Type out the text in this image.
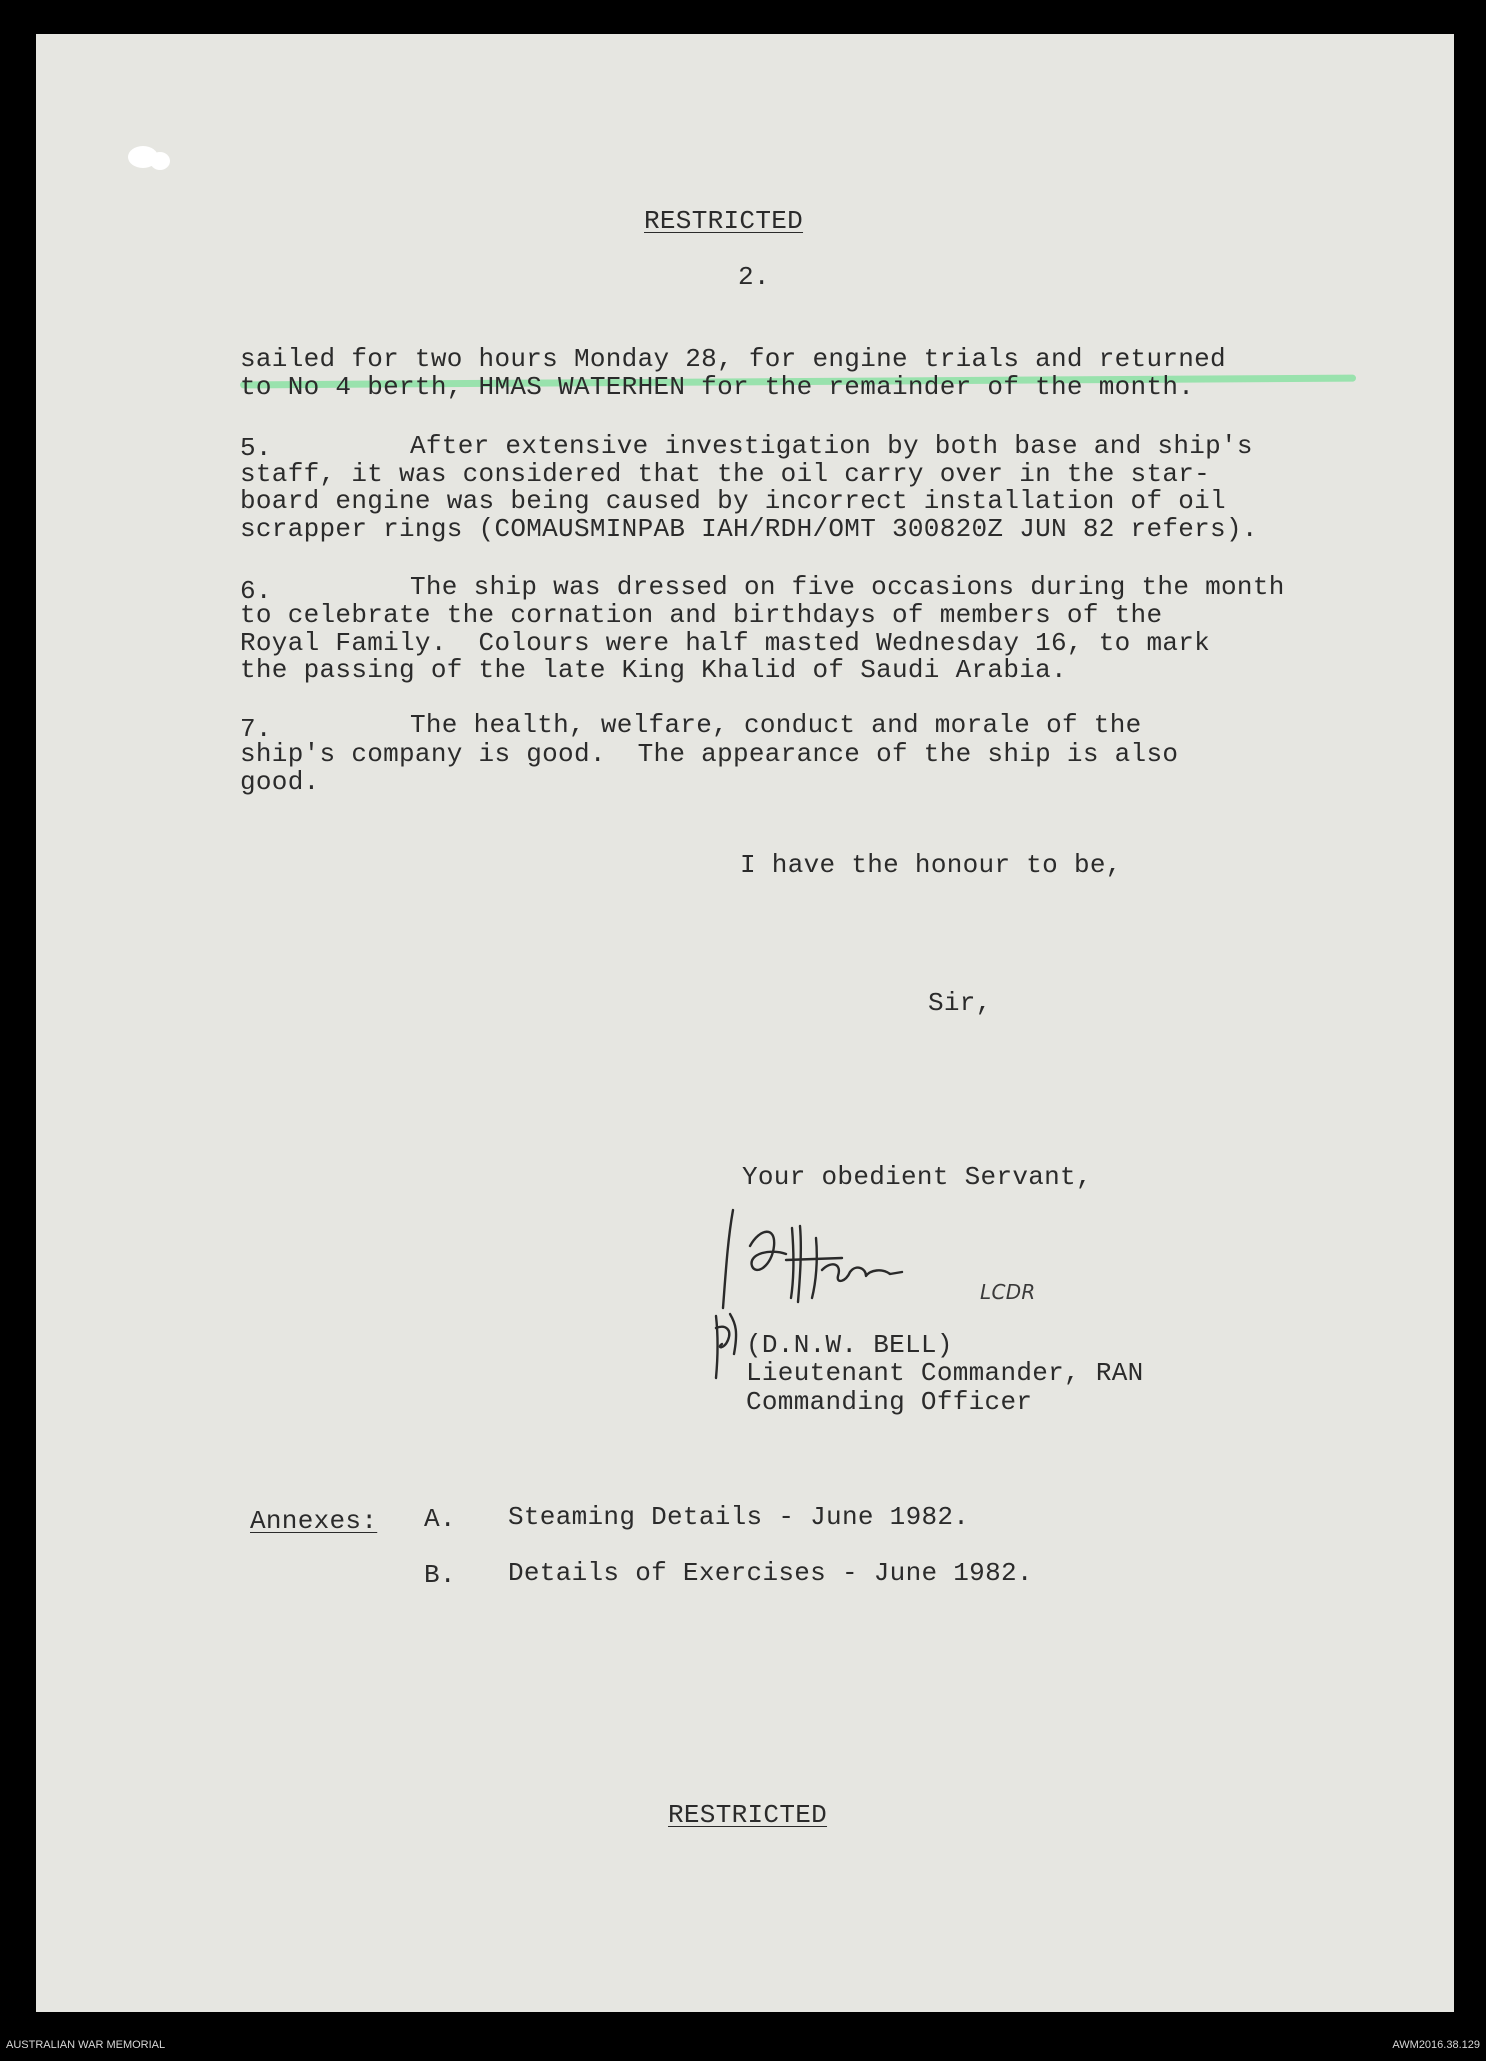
RESTRICTED
2.
sailed for two hours Monday 28, for engine trials and returned
to No 4 berth, HMAS WATERHEN for the remainder of the month.
5.	After extensive investigation by both base and ship's
staff, it was considered that the oil carry over in the star-
board engine was being caused by incorrect installation of oil
scrapper rings (COMAUSMINPAB IAH/RDH/OMT 300820Z JUN 82 refers).
6.	The ship was dressed on five occasions during the month
to celebrate the cornation and birthdays of members of the
Royal Family.  Colours were half masted Wednesday 16, to mark
the passing of the late King Khalid of Saudi Arabia.
7.	The health, welfare, conduct and morale of the
ship's company is good.  The appearance of the ship is also
good.
I have the honour to be,
Sir,
Your obedient Servant,
LCDR
(D.N.W. BELL)
Lieutenant Commander, RAN
Commanding Officer
Annexes: A. Steaming Details - June 1982.
B. Details of Exercises - June 1982.
RESTRICTED
AUSTRALIAN WAR MEMORIAL	AWM2016.38.129
